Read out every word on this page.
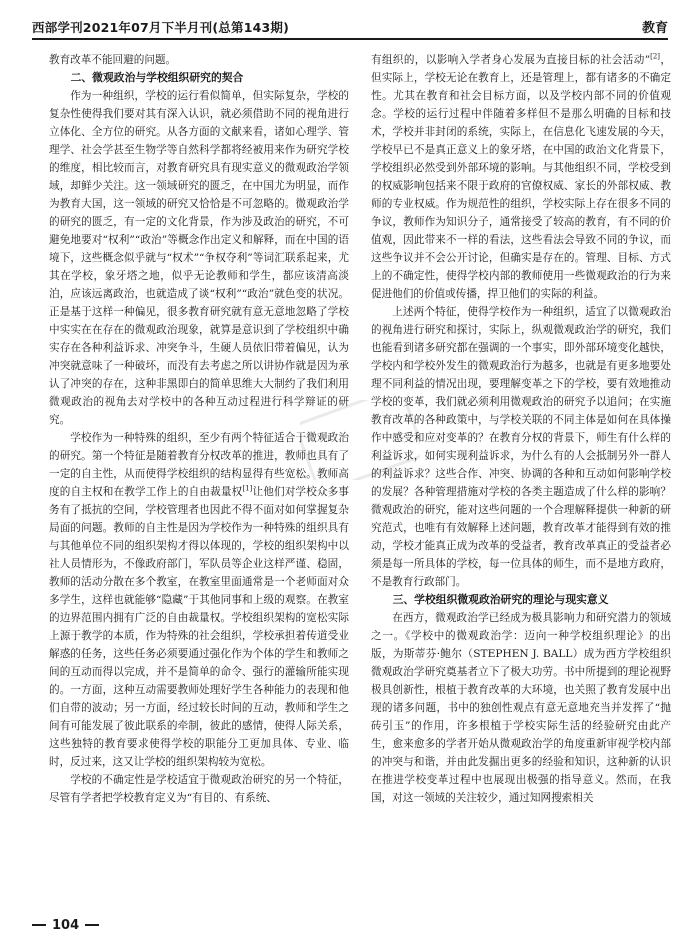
西部学刊2021年07月下半月刊(总第143期)	教育

教育改革不能回避的问题。

二、微观政治与学校组织研究的契合

作为一种组织，学校的运行看似简单，但实际复杂，学校的复杂性使得我们要对其有深入认识，就必须借助不同的视角进行立体化、全方位的研究。从各方面的文献来看，诸如心理学、管理学、社会学甚至生物学等自然科学都将经被用来作为研究学校的维度，相比较而言，对教育研究具有现实意义的微观政治学领域，却鲜少关注。这一领域研究的匮乏，在中国尤为明显，而作为教育大国，这一领域的研究又恰恰是不可忽略的。微观政治学的研究的匮乏，有一定的文化背景，作为涉及政治的研究，不可避免地要对“权利”“政治”等概念作出定义和解释，而在中国的语境下，这些概念似乎就与“权术”“争权夺利”等词汇联系起来，尤其在学校，象牙塔之地，似乎无论教师和学生，都应该清高淡泊，应该远离政治，也就造成了谈“权利”“政治”就色变的状况。正是基于这样一种偏见，很多教育研究就有意无意地忽略了学校中实实在在存在的微观政治现象，就算是意识到了学校组织中确实存在各种利益诉求、冲突争斗，生硬人员依旧带着偏见，认为冲突就意味了一种破坏，而没有去考虑之所以讲协作就是因为承认了冲突的存在，这种非黑即白的简单思维大大制约了我们利用微观政治的视角去对学校中的各种互动过程进行科学辩证的研究。

学校作为一种特殊的组织，至少有两个特征适合于微观政治的研究。第一个特征是随着教育分权改革的推进，教师也具有了一定的自主性，从而使得学校组织的结构显得有些宽松。教师高度的自主权和在教学工作上的自由裁量权[1]让他们对学校众多事务有了抵抗的空间，学校管理者也因此不得不面对如何掌握复杂局面的问题。教师的自主性是因为学校作为一种特殊的组织具有与其他单位不同的组织架构才得以体现的，学校的组织架构中以社人员情形为，不像政府部门，军队员等企业这样严谨、稳固，教师的活动分散在多个教室，在教室里面通常是一个老师面对众多学生，这样也就能够“隐藏”于其他同事和上级的观察。在教室的边界范围内拥有广泛的自由裁量权。学校组织架构的宽松实际上源于教学的本质，作为特殊的社会组织，学校承担着传道受业解惑的任务，这些任务必须要通过强化作为个体的学生和教师之间的互动而得以完成，并不是简单的命令、强行的灌输所能实现的。一方面，这种互动需要教师处理好学生各种能力的表现和他们自带的波动；另一方面，经过较长时间的互动，教师和学生之间有可能发展了彼此联系的牵制，彼此的感情，使得人际关系，这些独特的教育要求使得学校的职能分工更加具体、专业、临时，反过来，这又让学校的组织架构较为宽松。

学校的不确定性是学校适宜于微观政治研究的另一个特征，尽管有学者把学校教育定义为“有目的、有系统、

有组织的，以影响入学者身心发展为直接目标的社会活动”[2]，但实际上，学校无论在教育上，还是管理上，都有诸多的不确定性。尤其在教育和社会目标方面，以及学校内部不同的价值观念。学校的运行过程中伴随着多样但不是那么明确的目标和技术，学校并非封闭的系统，实际上，在信息化飞速发展的今天，学校早已不是真正意义上的象牙塔，在中国的政治文化背景下，学校组织必然受到外部环境的影响。与其他组织不同，学校受到的权威影响包括来不限于政府的官僚权威、家长的外部权威、教师的专业权威。作为规范性的组织，学校实际上存在很多不同的争议，教师作为知识分子，通常接受了较高的教育，有不同的价值观，因此带来不一样的看法，这些看法会导致不同的争议，而这些争议并不会公开讨论，但确实是存在的。管理、目标、方式上的不确定性，使得学校内部的教师使用一些微观政治的行为来促进他们的价值或传播，捍卫他们的实际的利益。

上述两个特征，使得学校作为一种组织，适宜了以微观政治的视角进行研究和探讨，实际上，纵观微观政治学的研究，我们也能看到诸多研究都在强调的一个事实，即外部环境变化越快，学校内和学校外发生的微观政治行为越多，也就是有更多地要处理不同利益的情况出现，要理解变革之下的学校，要有效地推动学校的变革，我们就必须利用微观政治的研究予以追问；在实施教育改革的各种政策中，与学校关联的不同主体是如何在具体操作中感受和应对变革的？在教育分权的背景下，师生有什么样的利益诉求，如何实现利益诉求，为什么有的人会抵制另外一群人的利益诉求？这些合作、冲突、协调的各种和互动如何影响学校的发展？各种管理措施对学校的各类主题造成了什么样的影响？微观政治的研究，能对这些问题的一个合理解释提供一种新的研究范式，也唯有有效解释上述问题，教育改革才能得到有效的推动，学校才能真正成为改革的受益者，教育改革真正的受益者必须是每一所具体的学校，每一位具体的师生，而不是地方政府，不是教育行政部门。

三、学校组织微观政治研究的理论与现实意义

在西方，微观政治学已经成为极具影响力和研究潜力的领域之一。《学校中的微观政治学：迈向一种学校组织理论》的出版，为斯蒂芬·鲍尔（STEPHEN J. BALL）成为西方学校组织微观政治学研究奠基者立下了极大功劳。书中所提到的理论视野极具创新性，根植于教育改革的大环境，也关照了教育发展中出现的诸多问题，书中的独创性观点有意无意地充当并发挥了“抛砖引玉”的作用，许多根植于学校实际生活的经验研究由此产生，愈来愈多的学者开始从微观政治学的角度重新审视学校内部的冲突与和谐，并由此发掘出更多的经验和知识，这种新的认识在推进学校变革过程中也展现出极强的指导意义。然而，在我国，对这一领域的关注较少，通过知网搜索相关

104
